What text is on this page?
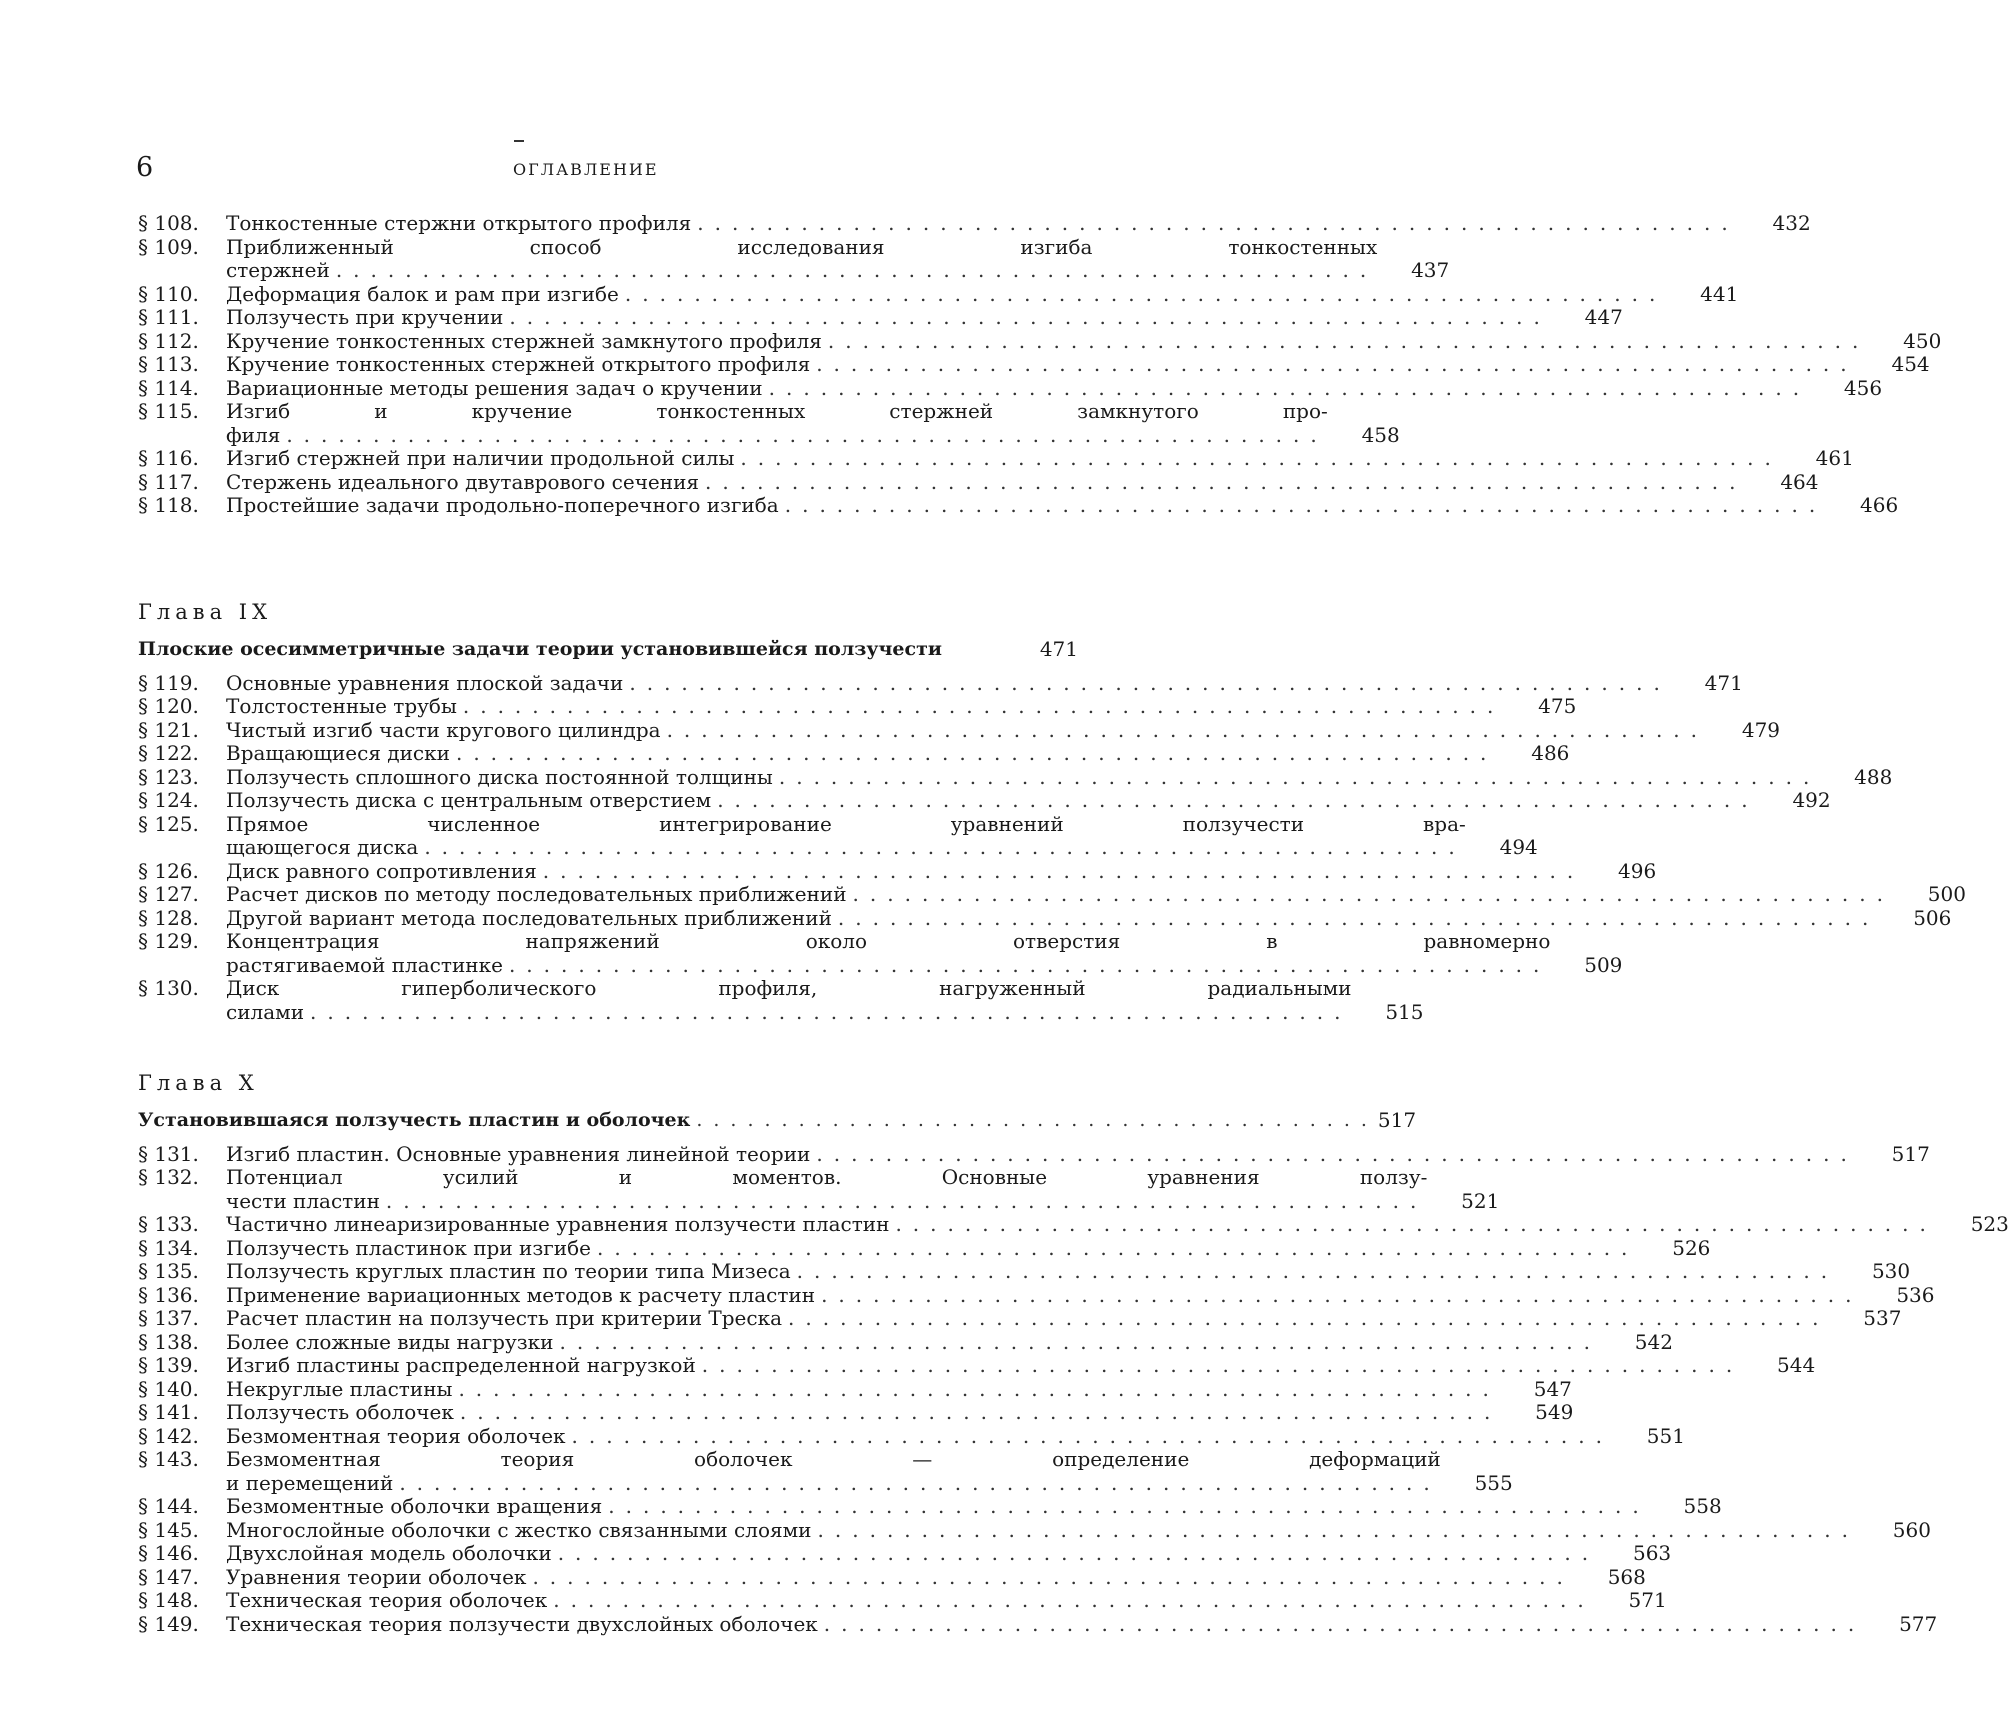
6	ОГЛАВЛЕНИЕ
§ 108.	Тонкостенные стержни открытого профиля ............................................................	432
§ 109.	Приближенный способ исследования изгиба тонкостенных
стержней ............................................................	437
§ 110.	Деформация балок и рам при изгибе ............................................................	441
§ 111.	Ползучесть при кручении ............................................................	447
§ 112.	Кручение тонкостенных стержней замкнутого профиля ............................................................	450
§ 113.	Кручение тонкостенных стержней открытого профиля ............................................................	454
§ 114.	Вариационные методы решения задач о кручении ............................................................	456
§ 115.	Изгиб и кручение тонкостенных стержней замкнутого про-
филя ............................................................	458
§ 116.	Изгиб стержней при наличии продольной силы ............................................................	461
§ 117.	Стержень идеального двутаврового сечения ............................................................	464
§ 118.	Простейшие задачи продольно-поперечного изгиба ............................................................	466
Глава IX
Плоские осесимметричные задачи теории установившейся ползучести	471
§ 119.	Основные уравнения плоской задачи ............................................................	471
§ 120.	Толстостенные трубы ............................................................	475
§ 121.	Чистый изгиб части кругового цилиндра ............................................................	479
§ 122.	Вращающиеся диски ............................................................	486
§ 123.	Ползучесть сплошного диска постоянной толщины ............................................................	488
§ 124.	Ползучесть диска с центральным отверстием ............................................................	492
§ 125.	Прямое численное интегрирование уравнений ползучести вра-
щающегося диска ............................................................	494
§ 126.	Диск равного сопротивления ............................................................	496
§ 127.	Расчет дисков по методу последовательных приближений ............................................................	500
§ 128.	Другой вариант метода последовательных приближений ............................................................	506
§ 129.	Концентрация напряжений около отверстия в равномерно
растягиваемой пластинке ............................................................	509
§ 130.	Диск гиперболического профиля, нагруженный радиальными
силами ............................................................	515
Глава X
Установившаяся ползучесть пластин и оболочек ........................................ 517
§ 131.	Изгиб пластин. Основные уравнения линейной теории ............................................................	517
§ 132.	Потенциал усилий и моментов. Основные уравнения ползу-
чести пластин ............................................................	521
§ 133.	Частично линеаризированные уравнения ползучести пластин ............................................................	523
§ 134.	Ползучесть пластинок при изгибе ............................................................	526
§ 135.	Ползучесть круглых пластин по теории типа Мизеса ............................................................	530
§ 136.	Применение вариационных методов к расчету пластин ............................................................	536
§ 137.	Расчет пластин на ползучесть при критерии Треска ............................................................	537
§ 138.	Более сложные виды нагрузки ............................................................	542
§ 139.	Изгиб пластины распределенной нагрузкой ............................................................	544
§ 140.	Некруглые пластины ............................................................	547
§ 141.	Ползучесть оболочек ............................................................	549
§ 142.	Безмоментная теория оболочек ............................................................	551
§ 143.	Безмоментная теория оболочек — определение деформаций
и перемещений ............................................................	555
§ 144.	Безмоментные оболочки вращения ............................................................	558
§ 145.	Многослойные оболочки с жестко связанными слоями ............................................................	560
§ 146.	Двухслойная модель оболочки ............................................................	563
§ 147.	Уравнения теории оболочек ............................................................	568
§ 148.	Техническая теория оболочек ............................................................	571
§ 149.	Техническая теория ползучести двухслойных оболочек ............................................................	577
